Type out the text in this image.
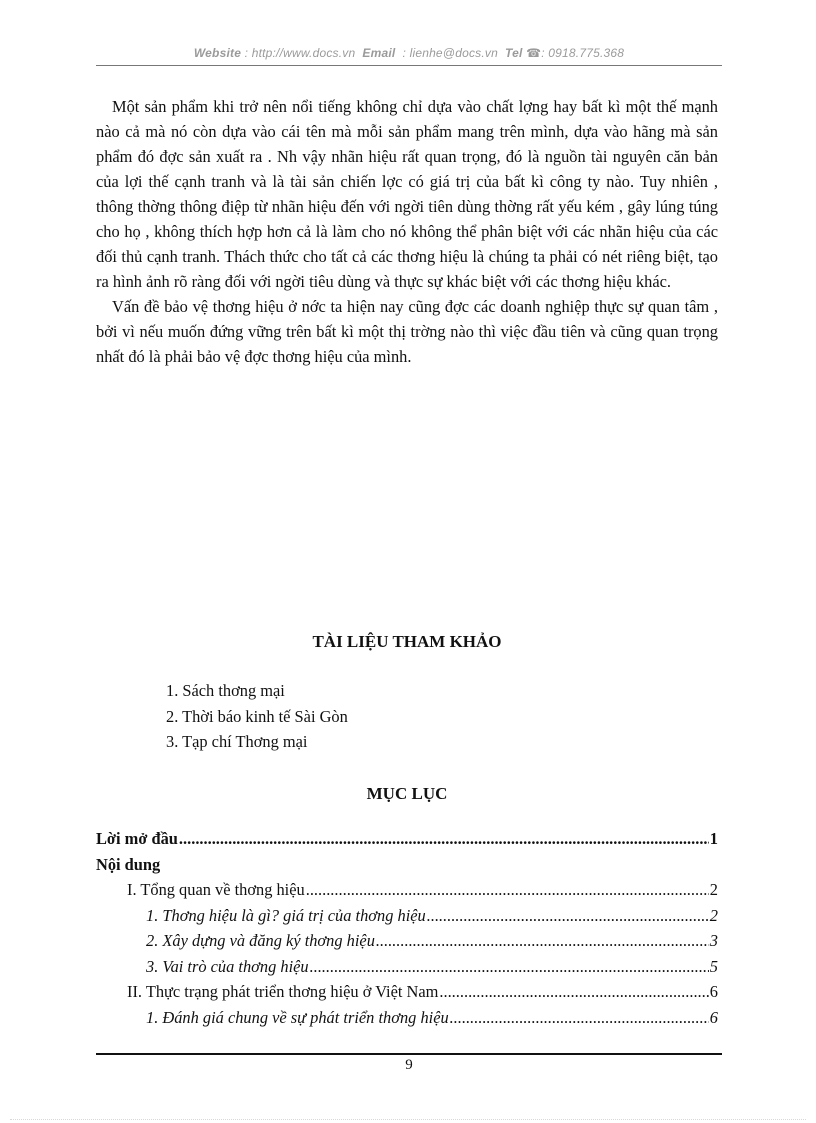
Website : http://www.docs.vn Email : lienhe@docs.vn Tel ☎: 0918.775.368

Một sản phẩm khi trở nên nổi tiếng không chỉ dựa vào chất lợng hay bất kì một thế mạnh nào cả mà nó còn dựa vào cái tên mà mỗi sản phẩm mang trên mình, dựa vào hãng mà sản phẩm đó đợc sản xuất ra . Nh vậy nhãn hiệu rất quan trọng, đó là nguồn tài nguyên căn bản của lợi thế cạnh tranh và là tài sản chiến lợc có giá trị của bất kì công ty nào. Tuy nhiên , thông thờng thông điệp từ nhãn hiệu đến với ngời tiên dùng thờng rất yếu kém , gây lúng túng cho họ , không thích hợp hơn cả là làm cho nó không thể phân biệt với các nhãn hiệu của các đối thủ cạnh tranh. Thách thức cho tất cả các thơng hiệu là chúng ta phải có nét riêng biệt, tạo ra hình ảnh rõ ràng đối với ngời tiêu dùng và thực sự khác biệt với các thơng hiệu khác.

Vấn đề bảo vệ thơng hiệu ở nớc ta hiện nay cũng đợc các doanh nghiệp thực sự quan tâm , bởi vì nếu muốn đứng vững trên bất kì một thị trờng nào thì việc đầu tiên và cũng quan trọng nhất đó là phải bảo vệ đợc thơng hiệu của mình.

TÀI LIỆU THAM KHẢO
1. Sách thơng mại
2. Thời báo kinh tế Sài Gòn
3. Tạp chí Thơng mại
MỤC LỤC
Lời mở đầu .....	1
Nội dung
I. Tổng quan về thơng hiệu .....	2
1. Thơng hiệu là gì? giá trị của thơng hiệu .....	2
2. Xây dựng và đăng ký thơng hiệu .....	3
3. Vai trò của thơng hiệu .....	5
II. Thực trạng phát triển thơng hiệu ở Việt Nam .....	6
1. Đánh giá chung về sự phát triển thơng hiệu .....	6
9
